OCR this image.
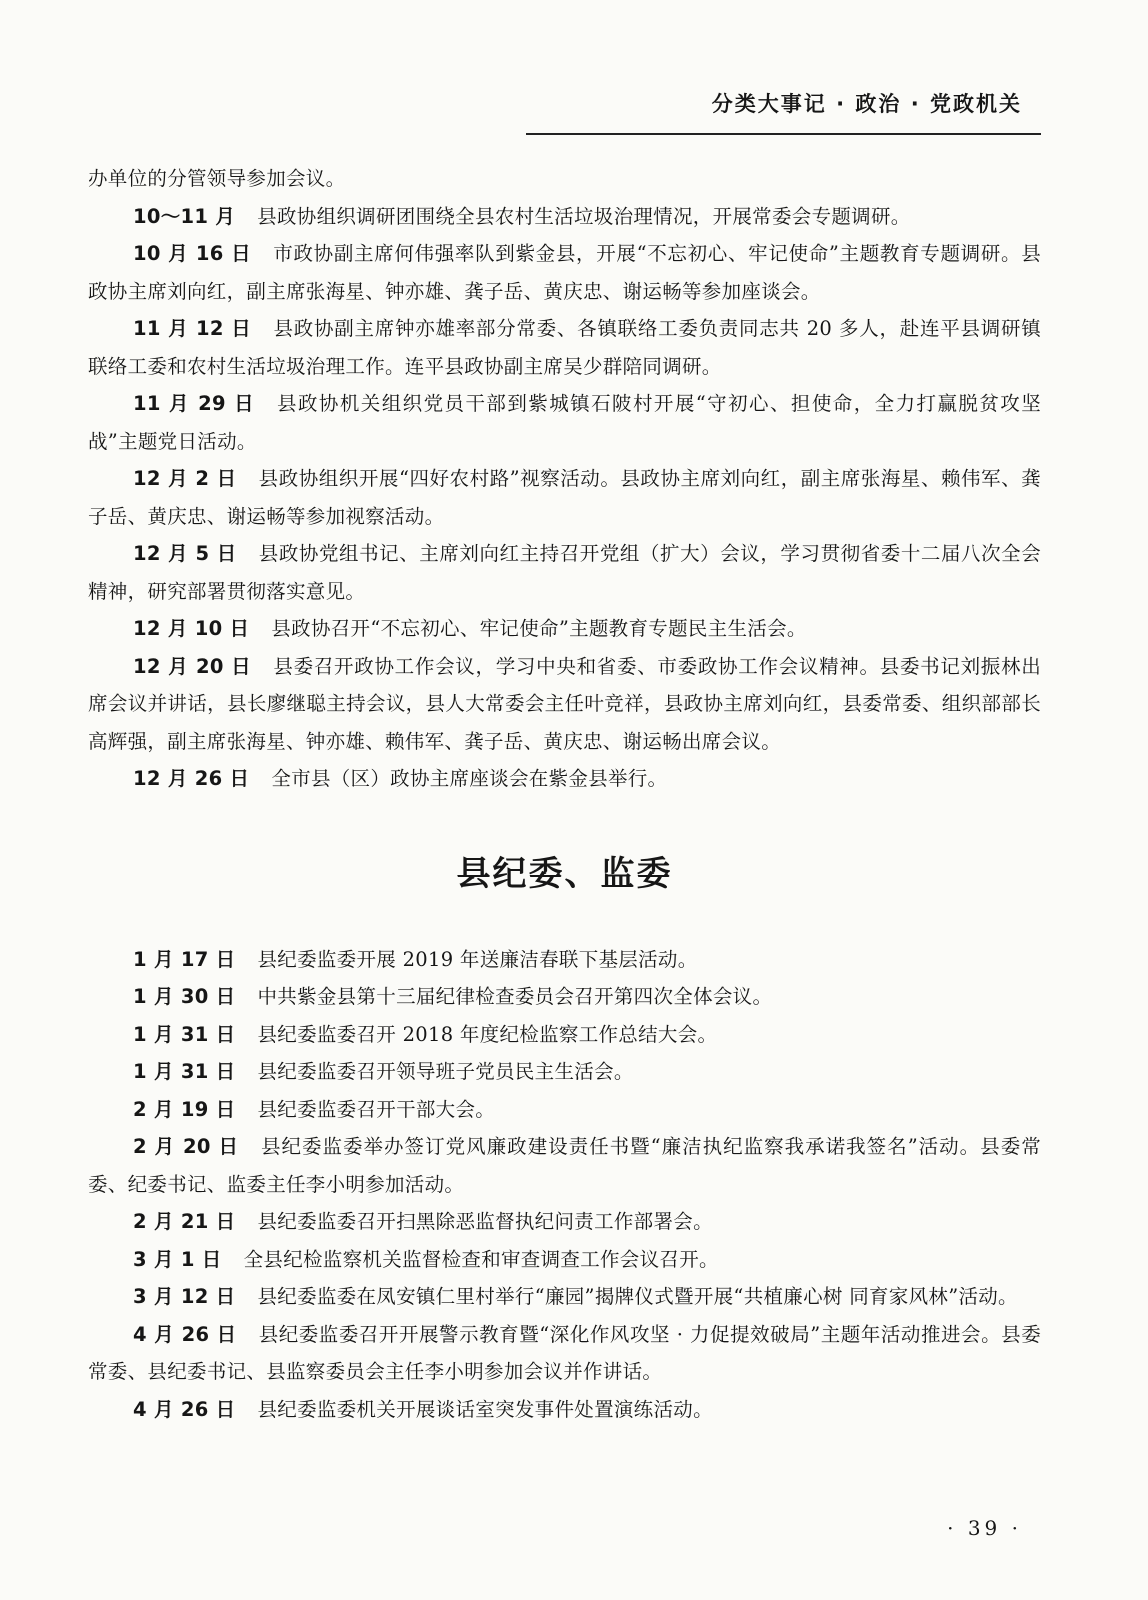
分类大事记 · 政治 · 党政机关

办单位的分管领导参加会议。

10～11 月 县政协组织调研团围绕全县农村生活垃圾治理情况，开展常委会专题调研。

10 月 16 日 市政协副主席何伟强率队到紫金县，开展“不忘初心、牢记使命”主题教育专题调研。县政协主席刘向红，副主席张海星、钟亦雄、龚子岳、黄庆忠、谢运畅等参加座谈会。

11 月 12 日 县政协副主席钟亦雄率部分常委、各镇联络工委负责同志共 20 多人，赴连平县调研镇联络工委和农村生活垃圾治理工作。连平县政协副主席吴少群陪同调研。

11 月 29 日 县政协机关组织党员干部到紫城镇石陂村开展“守初心、担使命，全力打赢脱贫攻坚战”主题党日活动。

12 月 2 日 县政协组织开展“四好农村路”视察活动。县政协主席刘向红，副主席张海星、赖伟军、龚子岳、黄庆忠、谢运畅等参加视察活动。

12 月 5 日 县政协党组书记、主席刘向红主持召开党组（扩大）会议，学习贯彻省委十二届八次全会精神，研究部署贯彻落实意见。

12 月 10 日 县政协召开“不忘初心、牢记使命”主题教育专题民主生活会。

12 月 20 日 县委召开政协工作会议，学习中央和省委、市委政协工作会议精神。县委书记刘振林出席会议并讲话，县长廖继聪主持会议，县人大常委会主任叶竞祥，县政协主席刘向红，县委常委、组织部部长高辉强，副主席张海星、钟亦雄、赖伟军、龚子岳、黄庆忠、谢运畅出席会议。

12 月 26 日 全市县（区）政协主席座谈会在紫金县举行。

县纪委、监委

1 月 17 日 县纪委监委开展 2019 年送廉洁春联下基层活动。

1 月 30 日 中共紫金县第十三届纪律检查委员会召开第四次全体会议。

1 月 31 日 县纪委监委召开 2018 年度纪检监察工作总结大会。

1 月 31 日 县纪委监委召开领导班子党员民主生活会。

2 月 19 日 县纪委监委召开干部大会。

2 月 20 日 县纪委监委举办签订党风廉政建设责任书暨“廉洁执纪监察我承诺我签名”活动。县委常委、纪委书记、监委主任李小明参加活动。

2 月 21 日 县纪委监委召开扫黑除恶监督执纪问责工作部署会。

3 月 1 日 全县纪检监察机关监督检查和审查调查工作会议召开。

3 月 12 日 县纪委监委在凤安镇仁里村举行“廉园”揭牌仪式暨开展“共植廉心树 同育家风林”活动。

4 月 26 日 县纪委监委召开开展警示教育暨“深化作风攻坚 · 力促提效破局”主题年活动推进会。县委常委、县纪委书记、县监察委员会主任李小明参加会议并作讲话。

4 月 26 日 县纪委监委机关开展谈话室突发事件处置演练活动。

· 39 ·
